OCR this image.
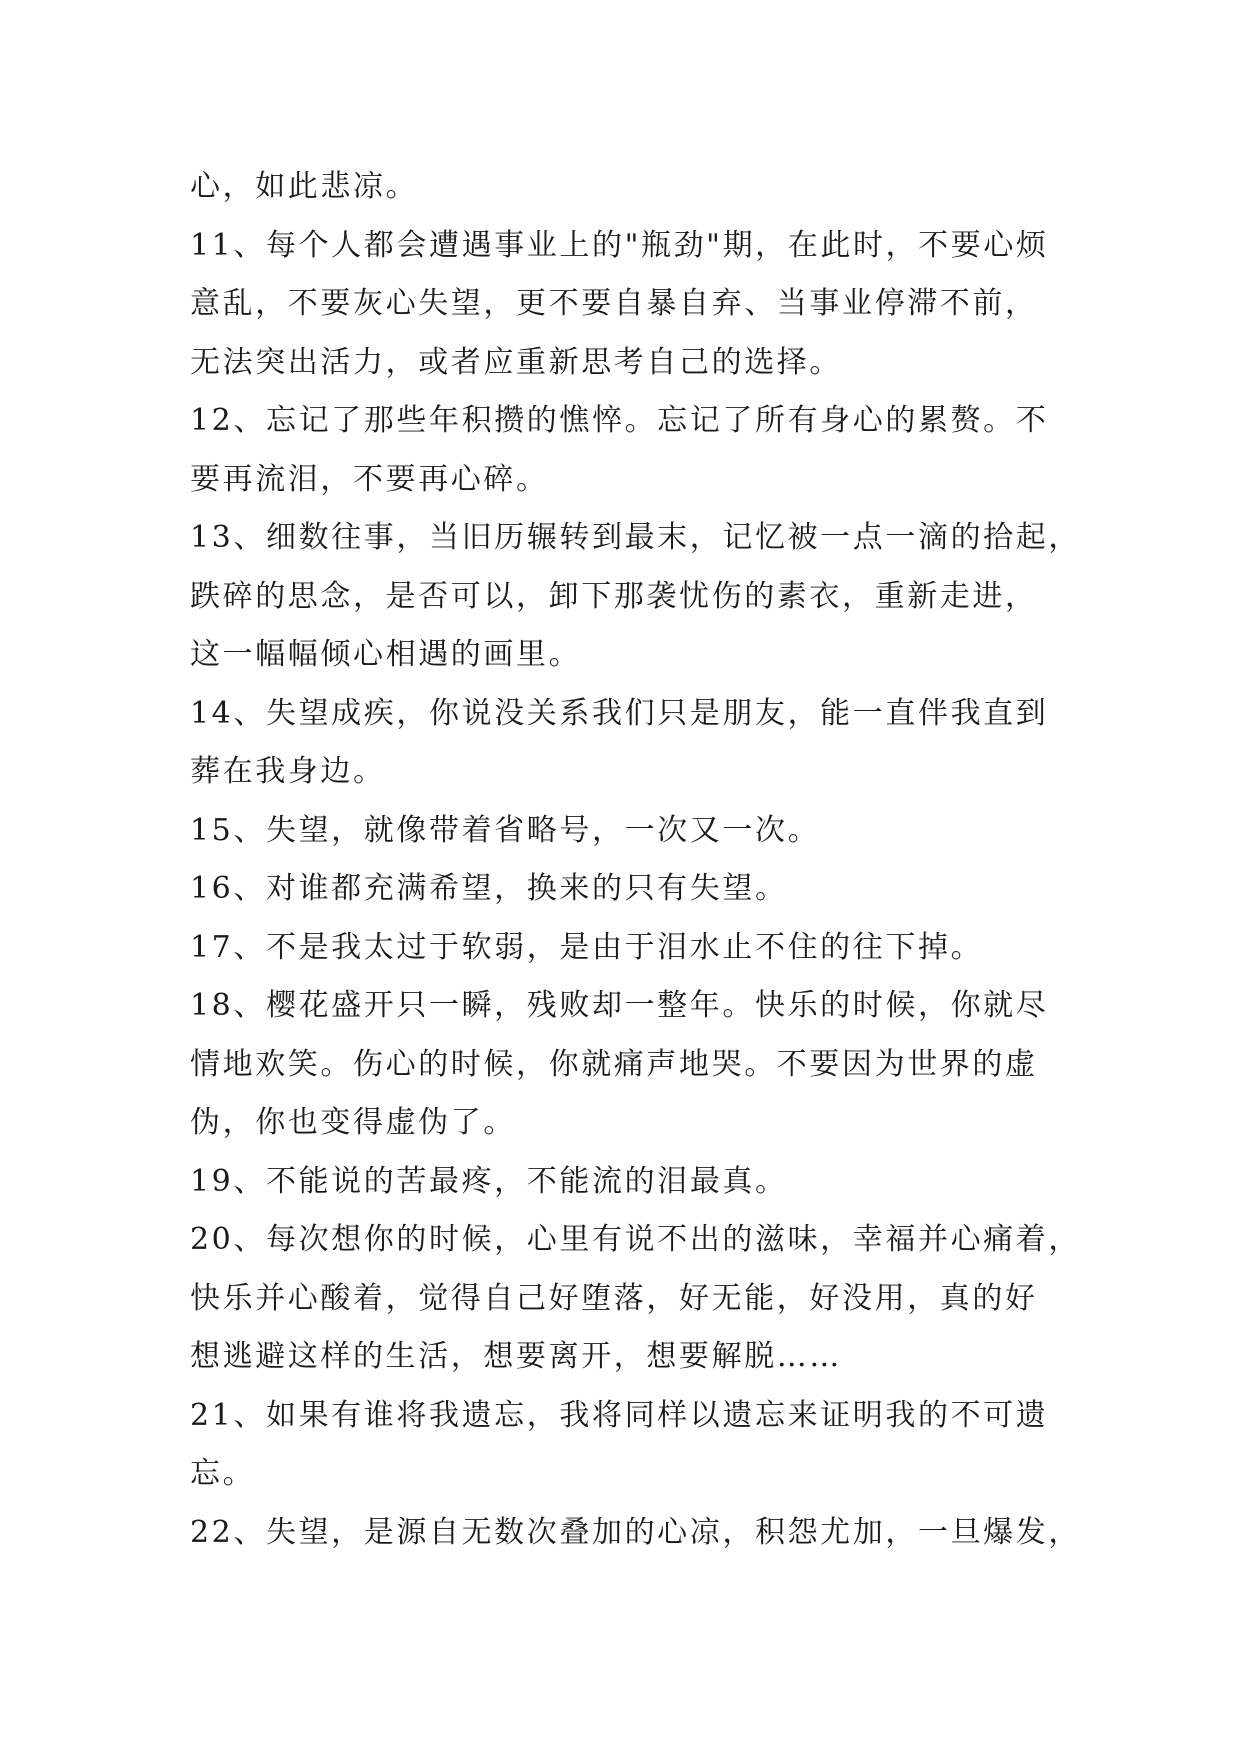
心，如此悲凉。
11、每个人都会遭遇事业上的"瓶劲"期，在此时，不要心烦
意乱，不要灰心失望，更不要自暴自弃、当事业停滞不前，
无法突出活力，或者应重新思考自己的选择。
12、忘记了那些年积攒的憔悴。忘记了所有身心的累赘。不
要再流泪，不要再心碎。
13、细数往事，当旧历辗转到最末，记忆被一点一滴的拾起，
跌碎的思念，是否可以，卸下那袭忧伤的素衣，重新走进，
这一幅幅倾心相遇的画里。
14、失望成疾，你说没关系我们只是朋友，能一直伴我直到
葬在我身边。
15、失望，就像带着省略号，一次又一次。
16、对谁都充满希望，换来的只有失望。
17、不是我太过于软弱，是由于泪水止不住的往下掉。
18、樱花盛开只一瞬，残败却一整年。快乐的时候，你就尽
情地欢笑。伤心的时候，你就痛声地哭。不要因为世界的虚
伪，你也变得虚伪了。
19、不能说的苦最疼，不能流的泪最真。
20、每次想你的时候，心里有说不出的滋味，幸福并心痛着，
快乐并心酸着，觉得自己好堕落，好无能，好没用，真的好
想逃避这样的生活，想要离开，想要解脱……
21、如果有谁将我遗忘，我将同样以遗忘来证明我的不可遗
忘。
22、失望，是源自无数次叠加的心凉，积怨尤加，一旦爆发，
